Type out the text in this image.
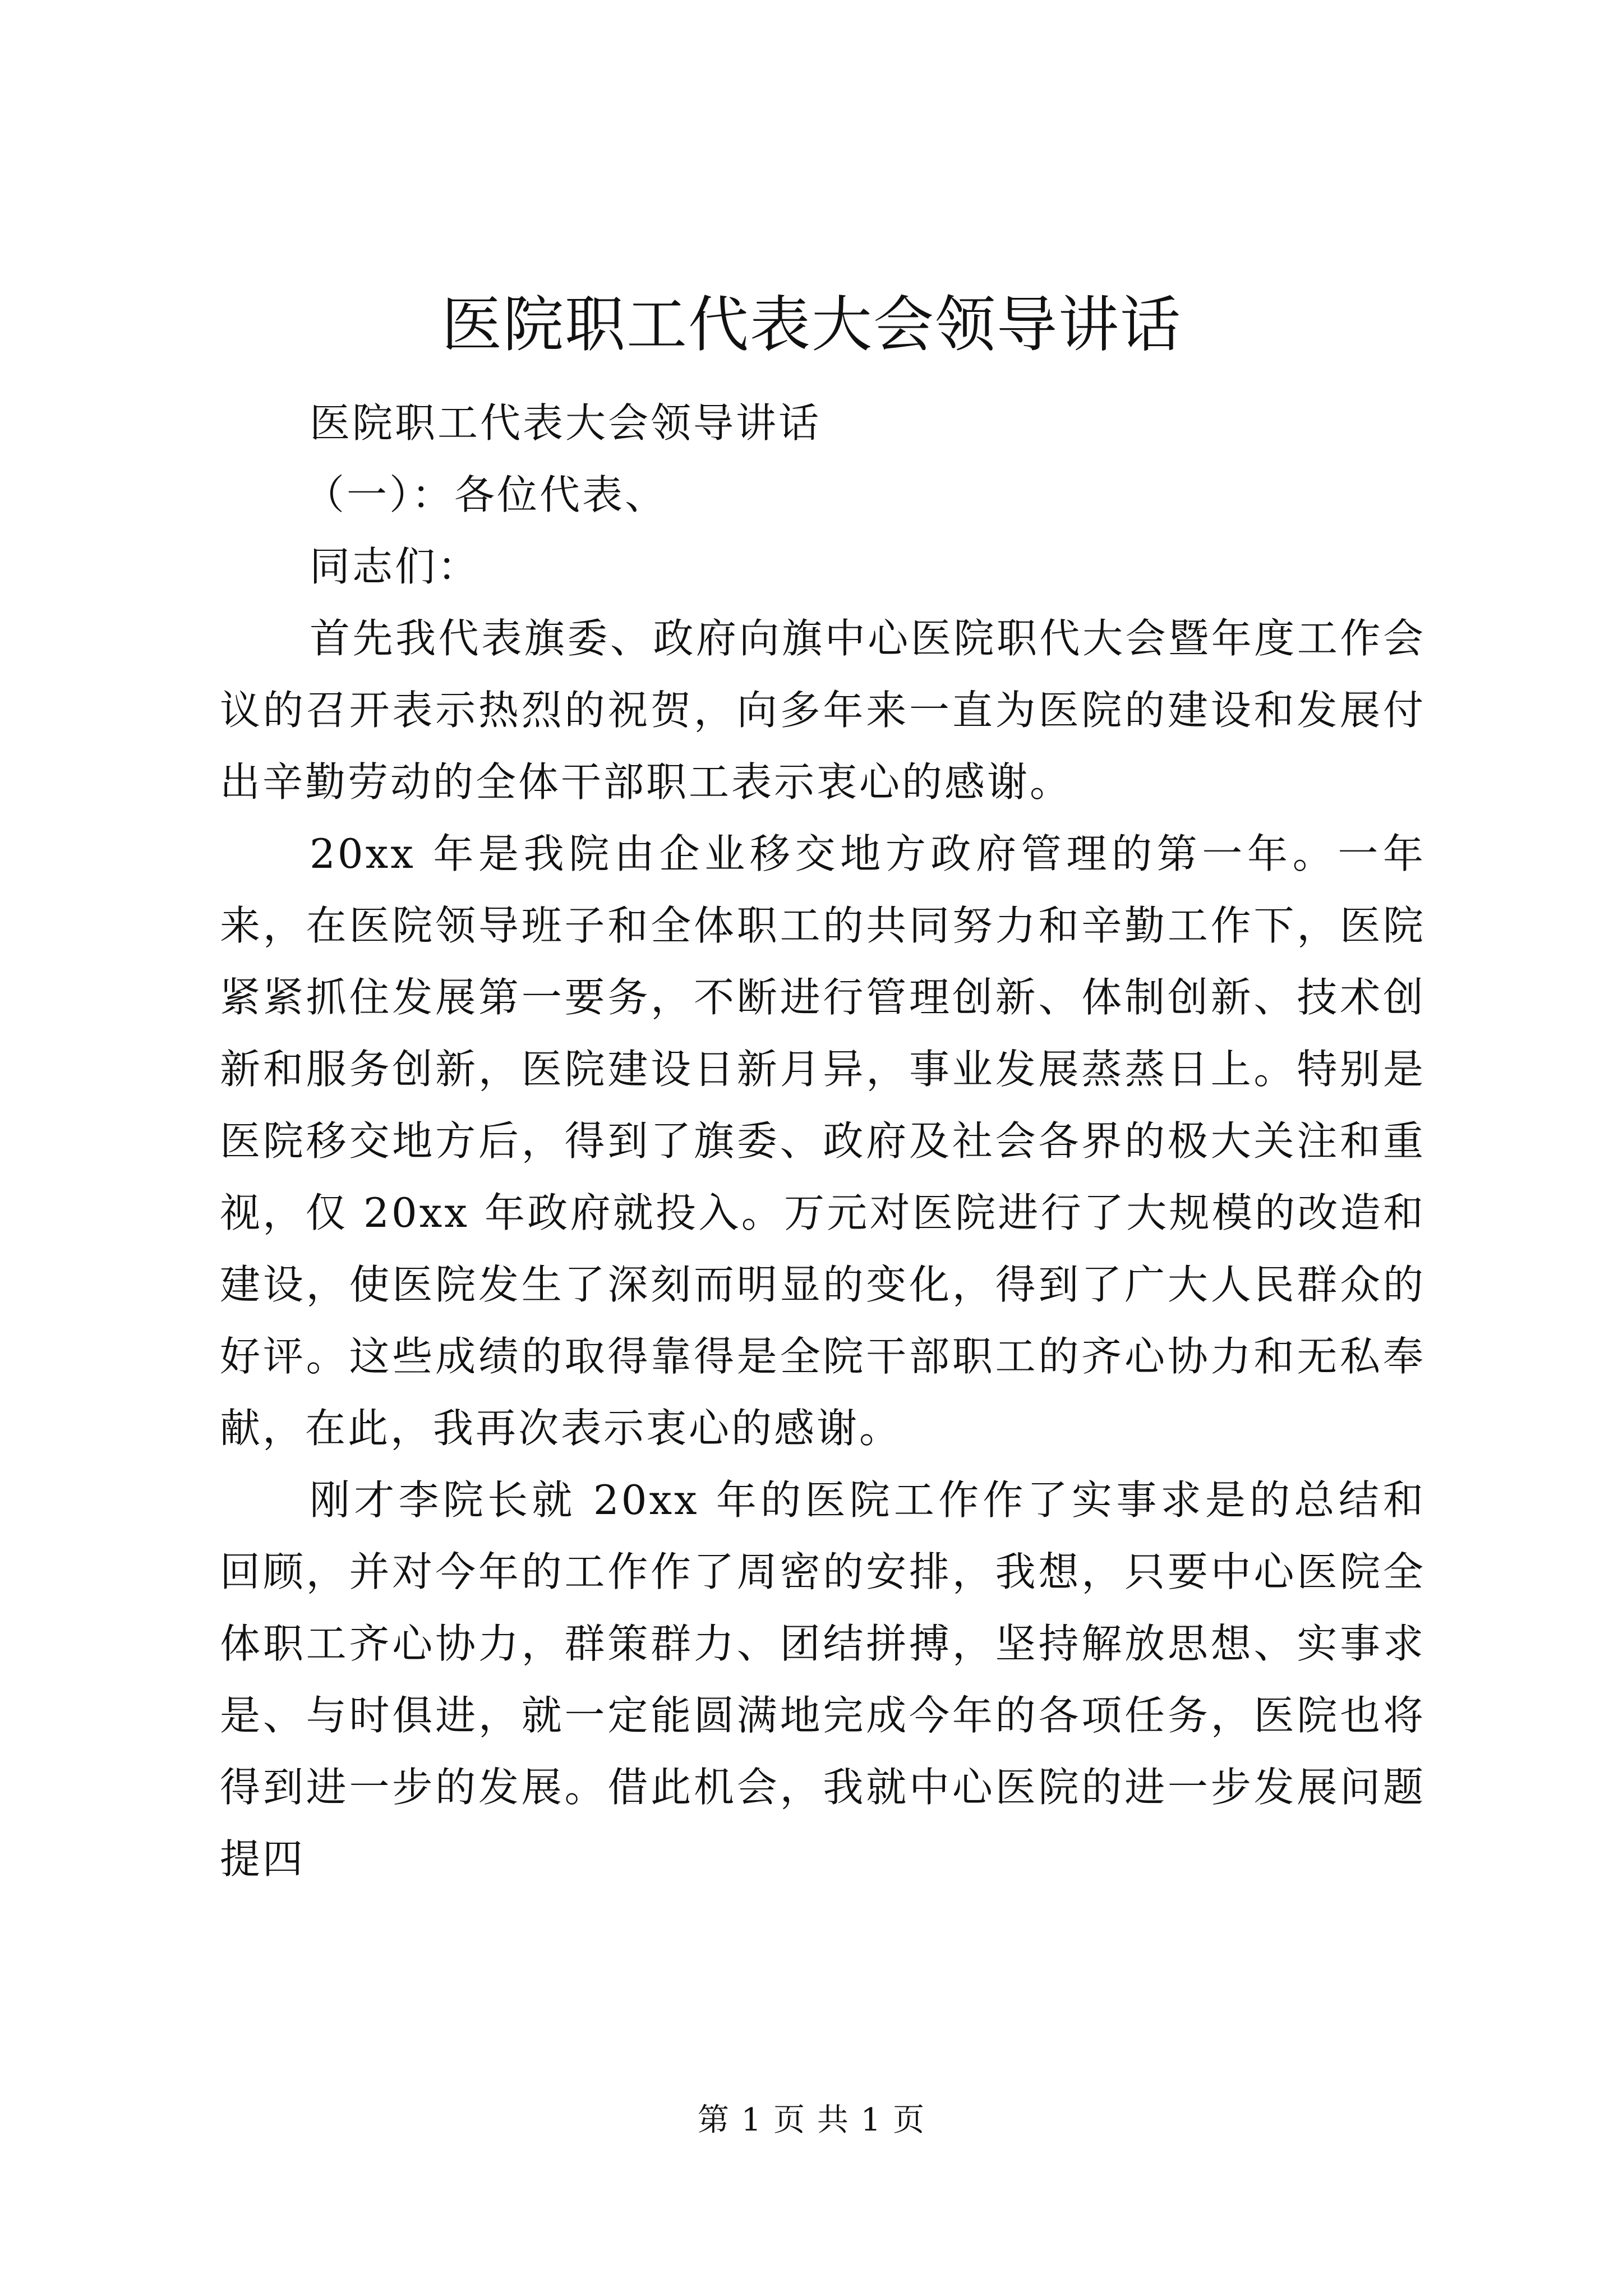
医院职工代表大会领导讲话

医院职工代表大会领导讲话

（一）：各位代表、

同志们：

首先我代表旗委、政府向旗中心医院职代大会暨年度工作会议的召开表示热烈的祝贺，向多年来一直为医院的建设和发展付出辛勤劳动的全体干部职工表示衷心的感谢。

20xx 年是我院由企业移交地方政府管理的第一年。一年来，在医院领导班子和全体职工的共同努力和辛勤工作下，医院紧紧抓住发展第一要务，不断进行管理创新、体制创新、技术创新和服务创新，医院建设日新月异，事业发展蒸蒸日上。特别是医院移交地方后，得到了旗委、政府及社会各界的极大关注和重视，仅 20xx 年政府就投入。万元对医院进行了大规模的改造和建设，使医院发生了深刻而明显的变化，得到了广大人民群众的好评。这些成绩的取得靠得是全院干部职工的齐心协力和无私奉献，在此，我再次表示衷心的感谢。

刚才李院长就 20xx 年的医院工作作了实事求是的总结和回顾，并对今年的工作作了周密的安排，我想，只要中心医院全体职工齐心协力，群策群力、团结拼搏，坚持解放思想、实事求是、与时俱进，就一定能圆满地完成今年的各项任务，医院也将得到进一步的发展。借此机会，我就中心医院的进一步发展问题提四

第 1 页 共 1 页
